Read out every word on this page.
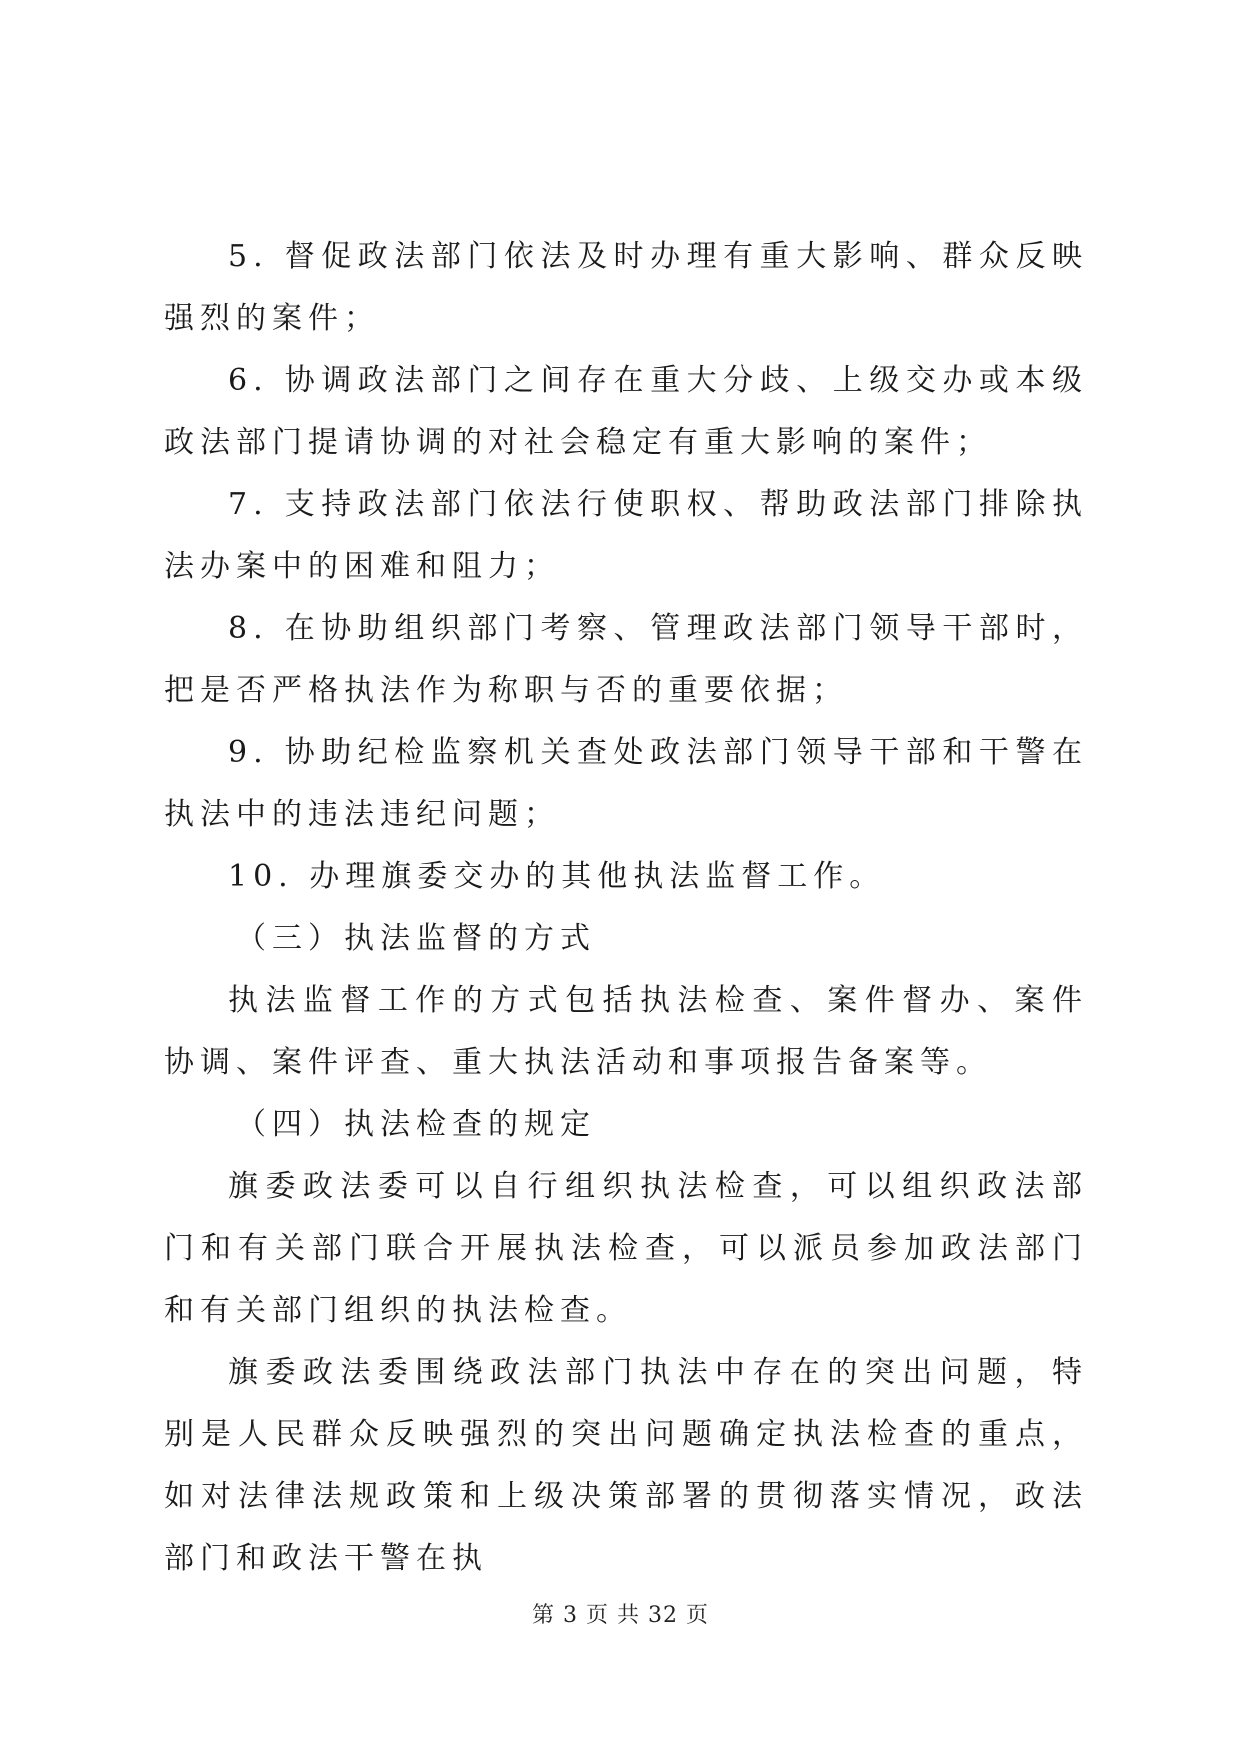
5. 督促政法部门依法及时办理有重大影响、群众反映强烈的案件；

6. 协调政法部门之间存在重大分歧、上级交办或本级政法部门提请协调的对社会稳定有重大影响的案件；

7. 支持政法部门依法行使职权、帮助政法部门排除执法办案中的困难和阻力；

8. 在协助组织部门考察、管理政法部门领导干部时，把是否严格执法作为称职与否的重要依据；

9. 协助纪检监察机关查处政法部门领导干部和干警在执法中的违法违纪问题；

10. 办理旗委交办的其他执法监督工作。

（三）执法监督的方式

执法监督工作的方式包括执法检查、案件督办、案件协调、案件评查、重大执法活动和事项报告备案等。

（四）执法检查的规定

旗委政法委可以自行组织执法检查，可以组织政法部门和有关部门联合开展执法检查，可以派员参加政法部门和有关部门组织的执法检查。

旗委政法委围绕政法部门执法中存在的突出问题，特别是人民群众反映强烈的突出问题确定执法检查的重点，如对法律法规政策和上级决策部署的贯彻落实情况，政法部门和政法干警在执

第 3 页 共 32 页
